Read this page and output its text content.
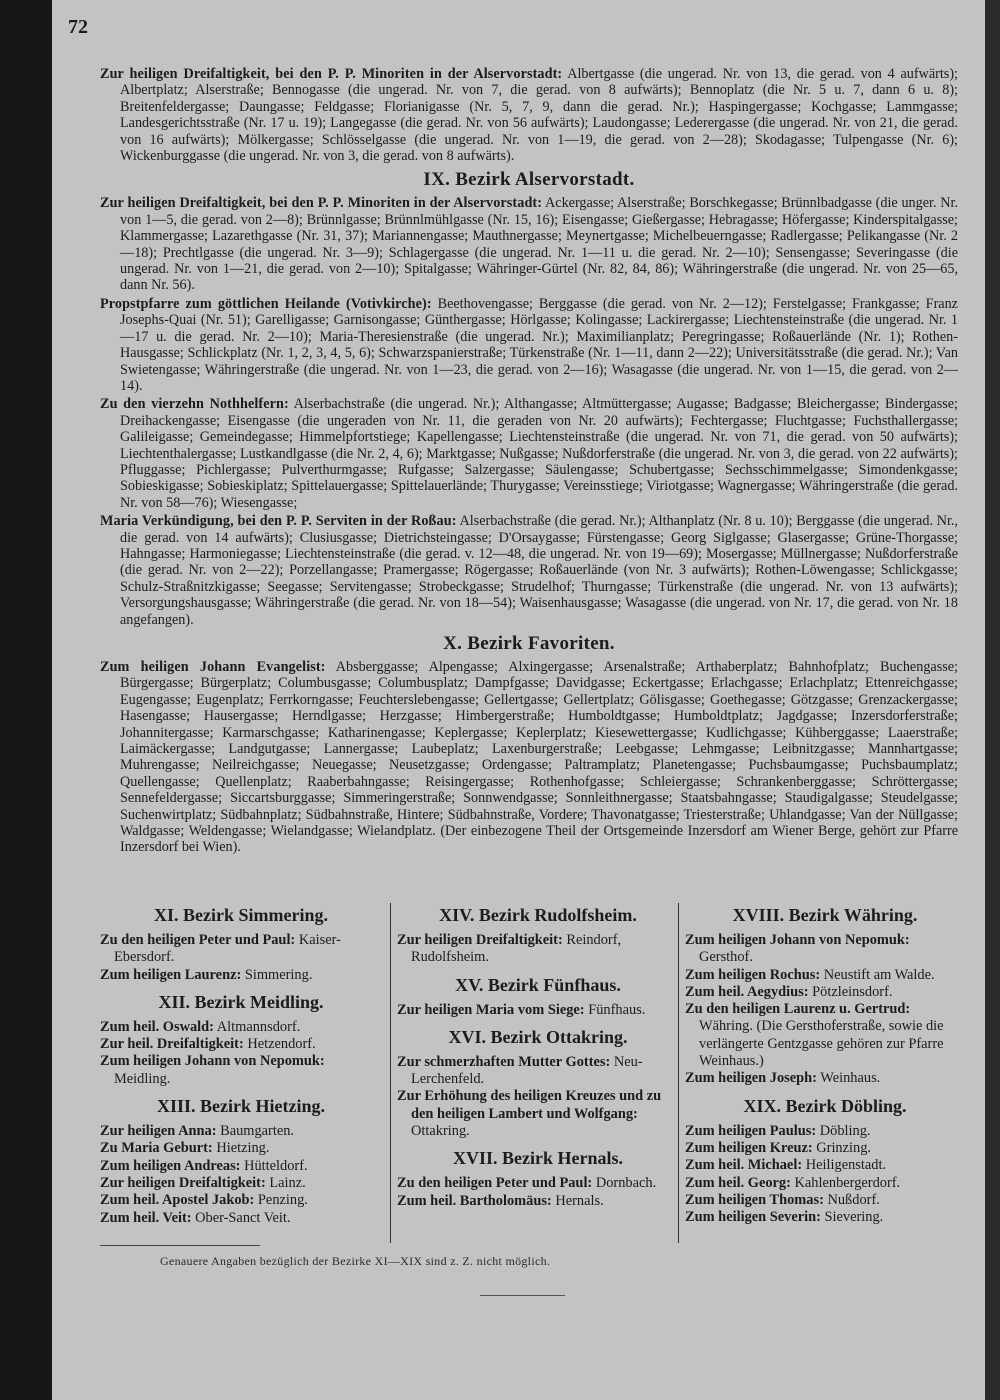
72

Zur heiligen Dreifaltigkeit, bei den P. P. Minoriten in der Alservorstadt: Albertgasse (die ungerad. Nr. von 13, die gerad. von 4 aufwärts); Albertplatz; Alserstraße; Bennogasse (die ungerad. Nr. von 7, die gerad. von 8 aufwärts); Bennoplatz (die Nr. 5 u. 7, dann 6 u. 8); Breitenfeldergasse; Daungasse; Feldgasse; Florianigasse (Nr. 5, 7, 9, dann die gerad. Nr.); Haspingergasse; Kochgasse; Lammgasse; Landesgerichtsstraße (Nr. 17 u. 19); Langegasse (die gerad. Nr. von 56 aufwärts); Laudongasse; Lederergasse (die ungerad. Nr. von 21, die gerad. von 16 aufwärts); Mölkergasse; Schlösselgasse (die ungerad. Nr. von 1—19, die gerad. von 2—28); Skodagasse; Tulpengasse (Nr. 6); Wickenburggasse (die ungerad. Nr. von 3, die gerad. von 8 aufwärts).

IX. Bezirk Alservorstadt.

Zur heiligen Dreifaltigkeit, bei den P. P. Minoriten in der Alservorstadt: Ackergasse; Alserstraße; Borschkegasse; Brünnlbadgasse (die unger. Nr. von 1—5, die gerad. von 2—8); Brünnlgasse; Brünnlmühlgasse (Nr. 15, 16); Eisengasse; Gießergasse; Hebragasse; Höfergasse; Kinderspitalgasse; Klammergasse; Lazarethgasse (Nr. 31, 37); Mariannengasse; Mauthnergasse; Meynertgasse; Michelbeuerngasse; Radlergasse; Pelikangasse (Nr. 2—18); Prechtlgasse (die ungerad. Nr. 3—9); Schlagergasse (die ungerad. Nr. 1—11 u. die gerad. Nr. 2—10); Sensengasse; Severingasse (die ungerad. Nr. von 1—21, die gerad. von 2—10); Spitalgasse; Währinger-Gürtel (Nr. 82, 84, 86); Währingerstraße (die ungerad. Nr. von 25—65, dann Nr. 56).

Propstpfarre zum göttlichen Heilande (Votivkirche): Beethovengasse; Berggasse (die gerad. von Nr. 2—12); Ferstelgasse; Frankgasse; Franz Josephs-Quai (Nr. 51); Garelligasse; Garnisongasse; Günthergasse; Hörlgasse; Kolingasse; Lackirergasse; Liechtensteinstraße (die ungerad. Nr. 1—17 u. die gerad. Nr. 2—10); Maria-Theresienstraße (die ungerad. Nr.); Maximilianplatz; Peregringasse; Roßauerlände (Nr. 1); Rothen-Hausgasse; Schlickplatz (Nr. 1, 2, 3, 4, 5, 6); Schwarzspanierstraße; Türkenstraße (Nr. 1—11, dann 2—22); Universitätsstraße (die gerad. Nr.); Van Swietengasse; Währingerstraße (die ungerad. Nr. von 1—23, die gerad. von 2—16); Wasagasse (die ungerad. Nr. von 1—15, die gerad. von 2—14).

Zu den vierzehn Nothhelfern: Alserbachstraße (die ungerad. Nr.); Althangasse; Altmüttergasse; Augasse; Badgasse; Bleichergasse; Bindergasse; Dreihackengasse; Eisengasse (die ungeraden von Nr. 11, die geraden von Nr. 20 aufwärts); Fechtergasse; Fluchtgasse; Fuchsthallergasse; Galileigasse; Gemeindegasse; Himmelpfortstiege; Kapellengasse; Liechtensteinstraße (die ungerad. Nr. von 71, die gerad. von 50 aufwärts); Liechtenthalergasse; Lustkandlgasse (die Nr. 2, 4, 6); Marktgasse; Nußgasse; Nußdorferstraße (die ungerad. Nr. von 3, die gerad. von 22 aufwärts); Pfluggasse; Pichlergasse; Pulverthurmgasse; Rufgasse; Salzergasse; Säulengasse; Schubertgasse; Sechsschimmelgasse; Simondenkgasse; Sobieskigasse; Sobieskiplatz; Spittelauergasse; Spittelauerlände; Thurygasse; Vereinsstiege; Viriotgasse; Wagnergasse; Währingerstraße (die gerad. Nr. von 58—76); Wiesengasse;

Maria Verkündigung, bei den P. P. Serviten in der Roßau: Alserbachstraße (die gerad. Nr.); Althanplatz (Nr. 8 u. 10); Berggasse (die ungerad. Nr., die gerad. von 14 aufwärts); Clusiusgasse; Dietrichsteingasse; D'Orsaygasse; Fürstengasse; Georg Siglgasse; Glasergasse; Grüne-Thorgasse; Hahngasse; Harmoniegasse; Liechtensteinstraße (die gerad. v. 12—48, die ungerad. Nr. von 19—69); Mosergasse; Müllnergasse; Nußdorferstraße (die gerad. Nr. von 2—22); Porzellangasse; Pramergasse; Rögergasse; Roßauerlände (von Nr. 3 aufwärts); Rothen-Löwengasse; Schlickgasse; Schulz-Straßnitzkigasse; Seegasse; Servitengasse; Strobeckgasse; Strudelhof; Thurngasse; Türkenstraße (die ungerad. Nr. von 13 aufwärts); Versorgungshausgasse; Währingerstraße (die gerad. Nr. von 18—54); Waisenhausgasse; Wasagasse (die ungerad. von Nr. 17, die gerad. von Nr. 18 angefangen).

X. Bezirk Favoriten.

Zum heiligen Johann Evangelist: Absberggasse; Alpengasse; Alxingergasse; Arsenalstraße; Arthaberplatz; Bahnhofplatz; Buchengasse; Bürgergasse; Bürgerplatz; Columbusgasse; Columbusplatz; Dampfgasse; Davidgasse; Eckertgasse; Erlachgasse; Erlachplatz; Ettenreichgasse; Eugengasse; Eugenplatz; Ferrkorngasse; Feuchterslebengasse; Gellertgasse; Gellertplatz; Gölisgasse; Goethegasse; Götzgasse; Grenzackergasse; Hasengasse; Hausergasse; Herndlgasse; Herzgasse; Himbergerstraße; Humboldtgasse; Humboldtplatz; Jagdgasse; Inzersdorferstraße; Johannitergasse; Karmarschgasse; Katharinengasse; Keplergasse; Keplerplatz; Kiesewettergasse; Kudlichgasse; Kühberggasse; Laaerstraße; Laimäckergasse; Landgutgasse; Lannergasse; Laubeplatz; Laxenburgerstraße; Leebgasse; Lehmgasse; Leibnitzgasse; Mannhartgasse; Muhrengasse; Neilreichgasse; Neuegasse; Neusetzgasse; Ordengasse; Paltramplatz; Planetengasse; Puchsbaumgasse; Puchsbaumplatz; Quellengasse; Quellenplatz; Raaberbahngasse; Reisingergasse; Rothenhofgasse; Schleiergasse; Schrankenberggasse; Schröttergasse; Sennefeldergasse; Siccartsburggasse; Simmeringerstraße; Sonnwendgasse; Sonnleithnergasse; Staatsbahngasse; Staudigalgasse; Steudelgasse; Suchenwirtplatz; Südbahnplatz; Südbahnstraße, Hintere; Südbahnstraße, Vordere; Thavonatgasse; Triesterstraße; Uhlandgasse; Van der Nüllgasse; Waldgasse; Weldengasse; Wielandgasse; Wielandplatz. (Der einbezogene Theil der Ortsgemeinde Inzersdorf am Wiener Berge, gehört zur Pfarre Inzersdorf bei Wien).

XI. Bezirk Simmering.
Zu den heiligen Peter und Paul: Kaiser-Ebersdorf.
Zum heiligen Laurenz: Simmering.
XII. Bezirk Meidling.
Zum heil. Oswald: Altmannsdorf.
Zur heil. Dreifaltigkeit: Hetzendorf.
Zum heiligen Johann von Nepomuk: Meidling.
XIII. Bezirk Hietzing.
Zur heiligen Anna: Baumgarten.
Zu Maria Geburt: Hietzing.
Zum heiligen Andreas: Hütteldorf.
Zur heiligen Dreifaltigkeit: Lainz.
Zum heil. Apostel Jakob: Penzing.
Zum heil. Veit: Ober-Sanct Veit.
XIV. Bezirk Rudolfsheim.
Zur heiligen Dreifaltigkeit: Reindorf, Rudolfsheim.
XV. Bezirk Fünfhaus.
Zur heiligen Maria vom Siege: Fünfhaus.
XVI. Bezirk Ottakring.
Zur schmerzhaften Mutter Gottes: Neu-Lerchenfeld.
Zur Erhöhung des heiligen Kreuzes und zu den heiligen Lambert und Wolfgang: Ottakring.
XVII. Bezirk Hernals.
Zu den heiligen Peter und Paul: Dornbach.
Zum heil. Bartholomäus: Hernals.
XVIII. Bezirk Währing.
Zum heiligen Johann von Nepomuk: Gersthof.
Zum heiligen Rochus: Neustift am Walde.
Zum heil. Aegydius: Pötzleinsdorf.
Zu den heiligen Laurenz u. Gertrud: Währing. (Die Gersthoferstraße, sowie die verlängerte Gentzgasse gehören zur Pfarre Weinhaus.)
Zum heiligen Joseph: Weinhaus.
XIX. Bezirk Döbling.
Zum heiligen Paulus: Döbling.
Zum heiligen Kreuz: Grinzing.
Zum heil. Michael: Heiligenstadt.
Zum heil. Georg: Kahlenbergerdorf.
Zum heiligen Thomas: Nußdorf.
Zum heiligen Severin: Sievering.
Genauere Angaben bezüglich der Bezirke XI—XIX sind z. Z. nicht möglich.
